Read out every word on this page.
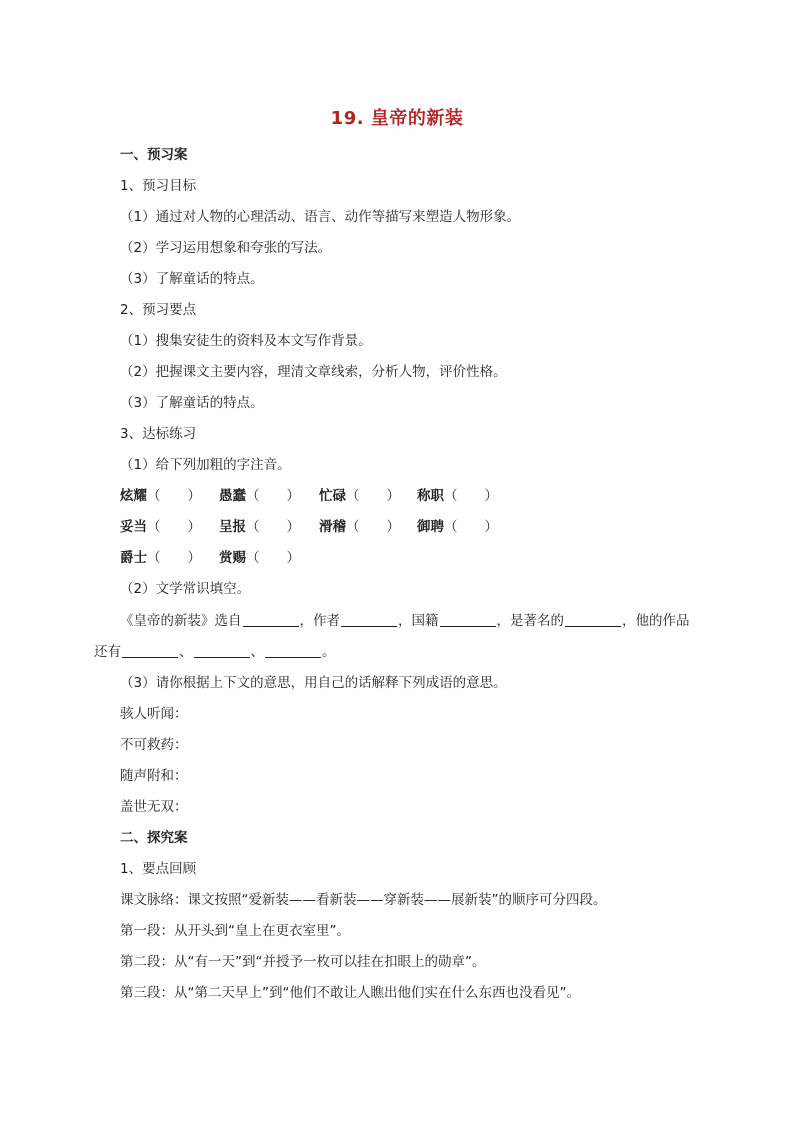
19. 皇帝的新装
一、预习案
1、预习目标
（1）通过对人物的心理活动、语言、动作等描写来塑造人物形象。
（2）学习运用想象和夸张的写法。
（3）了解童话的特点。
2、预习要点
（1）搜集安徒生的资料及本文写作背景。
（2）把握课文主要内容，理清文章线索，分析人物，评价性格。
（3）了解童话的特点。
3、达标练习
（1）给下列加粗的字注音。
炫耀（　　） 愚蠢（　　） 忙碌（　　） 称职（　　）
妥当（　　） 呈报（　　） 滑稽（　　） 御聘（　　）
爵士（　　） 赏赐（　　）
（2）文学常识填空。
《皇帝的新装》选自	，作者	，国籍	，是著名的	，他的作品
还有	、	、	。
（3）请你根据上下文的意思，用自己的话解释下列成语的意思。
骇人听闻：
不可救药：
随声附和：
盖世无双：
二、探究案
1、要点回顾
课文脉络：课文按照“爱新装——看新装——穿新装——展新装”的顺序可分四段。
第一段：从开头到“皇上在更衣室里”。
第二段：从“有一天”到“并授予一枚可以挂在扣眼上的勋章”。
第三段：从“第二天早上”到“他们不敢让人瞧出他们实在什么东西也没看见”。
